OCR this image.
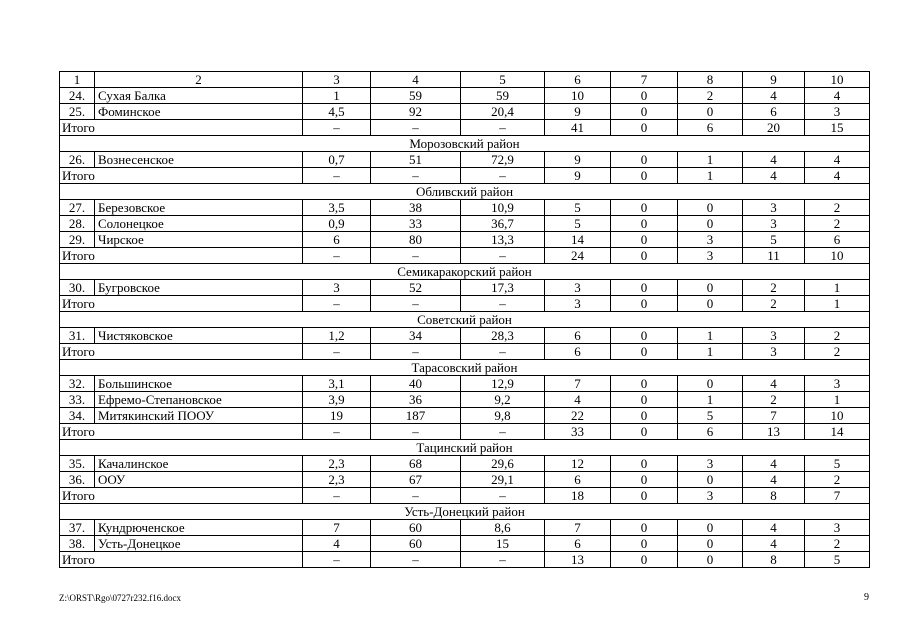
1	2	3	4	5	6	7	8	9	10
24.	Сухая Балка	1	59	59	10	0	2	4	4
25.	Фоминское	4,5	92	20,4	9	0	0	6	3
Итого		–	–	–	41	0	6	20	15
Морозовский район									
26.	Вознесенское	0,7	51	72,9	9	0	1	4	4
Итого		–	–	–	9	0	1	4	4
Обливский район									
27.	Березовское	3,5	38	10,9	5	0	0	3	2
28.	Солонецкое	0,9	33	36,7	5	0	0	3	2
29.	Чирское	6	80	13,3	14	0	3	5	6
Итого		–	–	–	24	0	3	11	10
Семикаракорский район									
30.	Бугровское	3	52	17,3	3	0	0	2	1
Итого		–	–	–	3	0	0	2	1
Советский район									
31.	Чистяковское	1,2	34	28,3	6	0	1	3	2
Итого		–	–	–	6	0	1	3	2
Тарасовский район									
32.	Большинское	3,1	40	12,9	7	0	0	4	3
33.	Ефремо-Степановское	3,9	36	9,2	4	0	1	2	1
34.	Митякинский ПООУ	19	187	9,8	22	0	5	7	10
Итого		–	–	–	33	0	6	13	14
Тацинский район									
35.	Качалинское	2,3	68	29,6	12	0	3	4	5
36.	ООУ	2,3	67	29,1	6	0	0	4	2
Итого		–	–	–	18	0	3	8	7
Усть-Донецкий район									
37.	Кундрюченское	7	60	8,6	7	0	0	4	3
38.	Усть-Донецкое	4	60	15	6	0	0	4	2
Итого		–	–	–	13	0	0	8	5
Z:\ORST\Rgo\0727r232.f16.docx	9
